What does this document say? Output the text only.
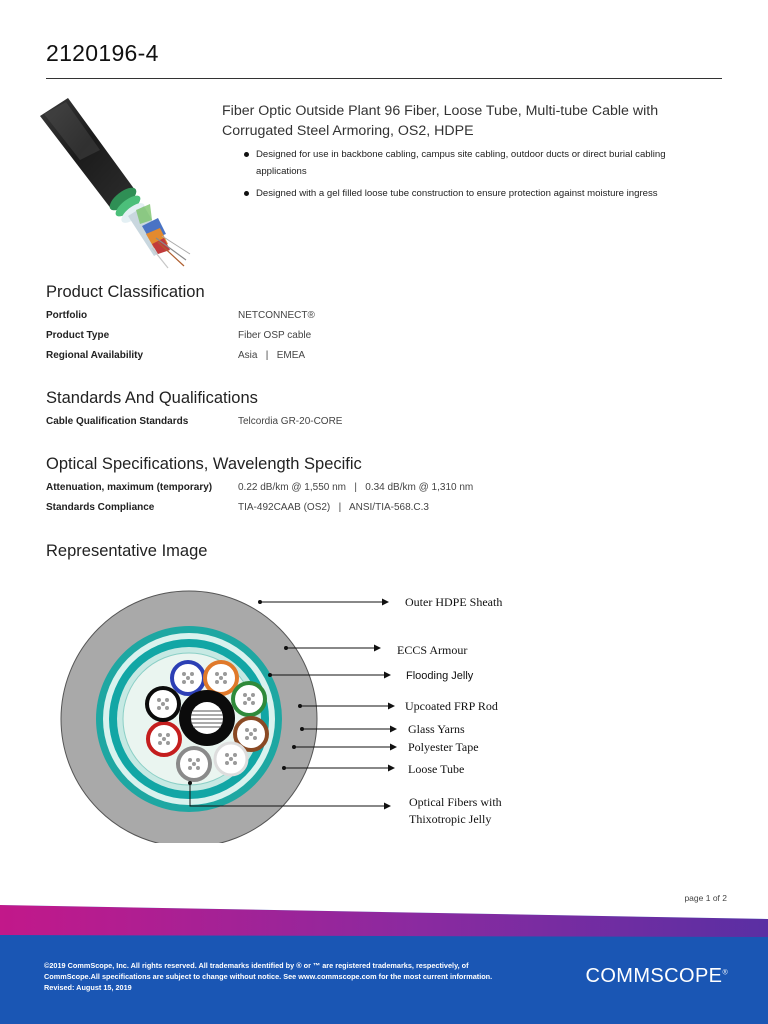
2120196-4
Fiber Optic Outside Plant 96 Fiber, Loose Tube, Multi-tube Cable with Corrugated Steel Armoring, OS2, HDPE
Designed for use in backbone cabling, campus site cabling, outdoor ducts or direct burial cabling applications
Designed with a gel filled loose tube construction to ensure protection against moisture ingress
Product Classification
Portfolio	NETCONNECT®
Product Type	Fiber OSP cable
Regional Availability	Asia   |   EMEA
Standards And Qualifications
Cable Qualification Standards	Telcordia GR-20-CORE
Optical Specifications, Wavelength Specific
Attenuation, maximum (temporary)	0.22 dB/km @ 1,550 nm   |   0.34 dB/km @ 1,310 nm
Standards Compliance	TIA-492CAAB (OS2)   |   ANSI/TIA-568.C.3
Representative Image
Outer HDPE Sheath
ECCS Armour
Flooding Jelly
Upcoated FRP Rod
Glass Yarns
Polyester Tape
Loose Tube
Optical Fibers with
Thixotropic Jelly
page 1 of 2
©2019 CommScope, Inc. All rights reserved. All trademarks identified by ® or ™ are registered trademarks, respectively, of CommScope.All specifications are subject to change without notice. See www.commscope.com for the most current information. Revised: August 15, 2019
COMMSCOPE®
